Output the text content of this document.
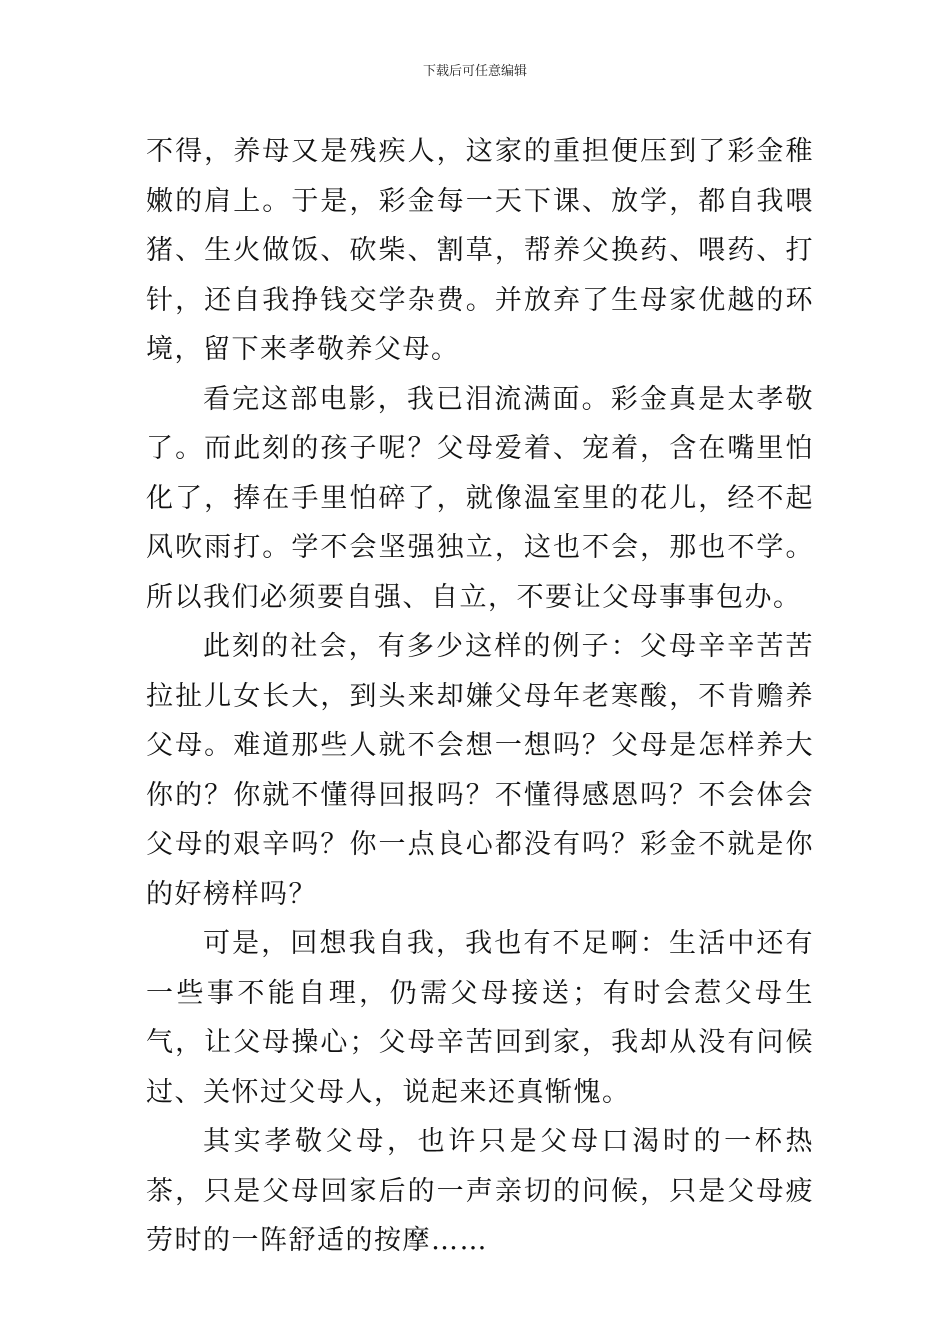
下载后可任意编辑

不得，养母又是残疾人，这家的重担便压到了彩金稚嫩的肩上。于是，彩金每一天下课、放学，都自我喂猪、生火做饭、砍柴、割草，帮养父换药、喂药、打针，还自我挣钱交学杂费。并放弃了生母家优越的环境，留下来孝敬养父母。

看完这部电影，我已泪流满面。彩金真是太孝敬了。而此刻的孩子呢？父母爱着、宠着，含在嘴里怕化了，捧在手里怕碎了，就像温室里的花儿，经不起风吹雨打。学不会坚强独立，这也不会，那也不学。所以我们必须要自强、自立，不要让父母事事包办。

此刻的社会，有多少这样的例子：父母辛辛苦苦拉扯儿女长大，到头来却嫌父母年老寒酸，不肯赡养父母。难道那些人就不会想一想吗？父母是怎样养大你的？你就不懂得回报吗？不懂得感恩吗？不会体会父母的艰辛吗？你一点良心都没有吗？彩金不就是你的好榜样吗？

可是，回想我自我，我也有不足啊：生活中还有一些事不能自理，仍需父母接送；有时会惹父母生气，让父母操心；父母辛苦回到家，我却从没有问候过、关怀过父母人，说起来还真惭愧。

其实孝敬父母，也许只是父母口渴时的一杯热茶，只是父母回家后的一声亲切的问候，只是父母疲劳时的一阵舒适的按摩……
